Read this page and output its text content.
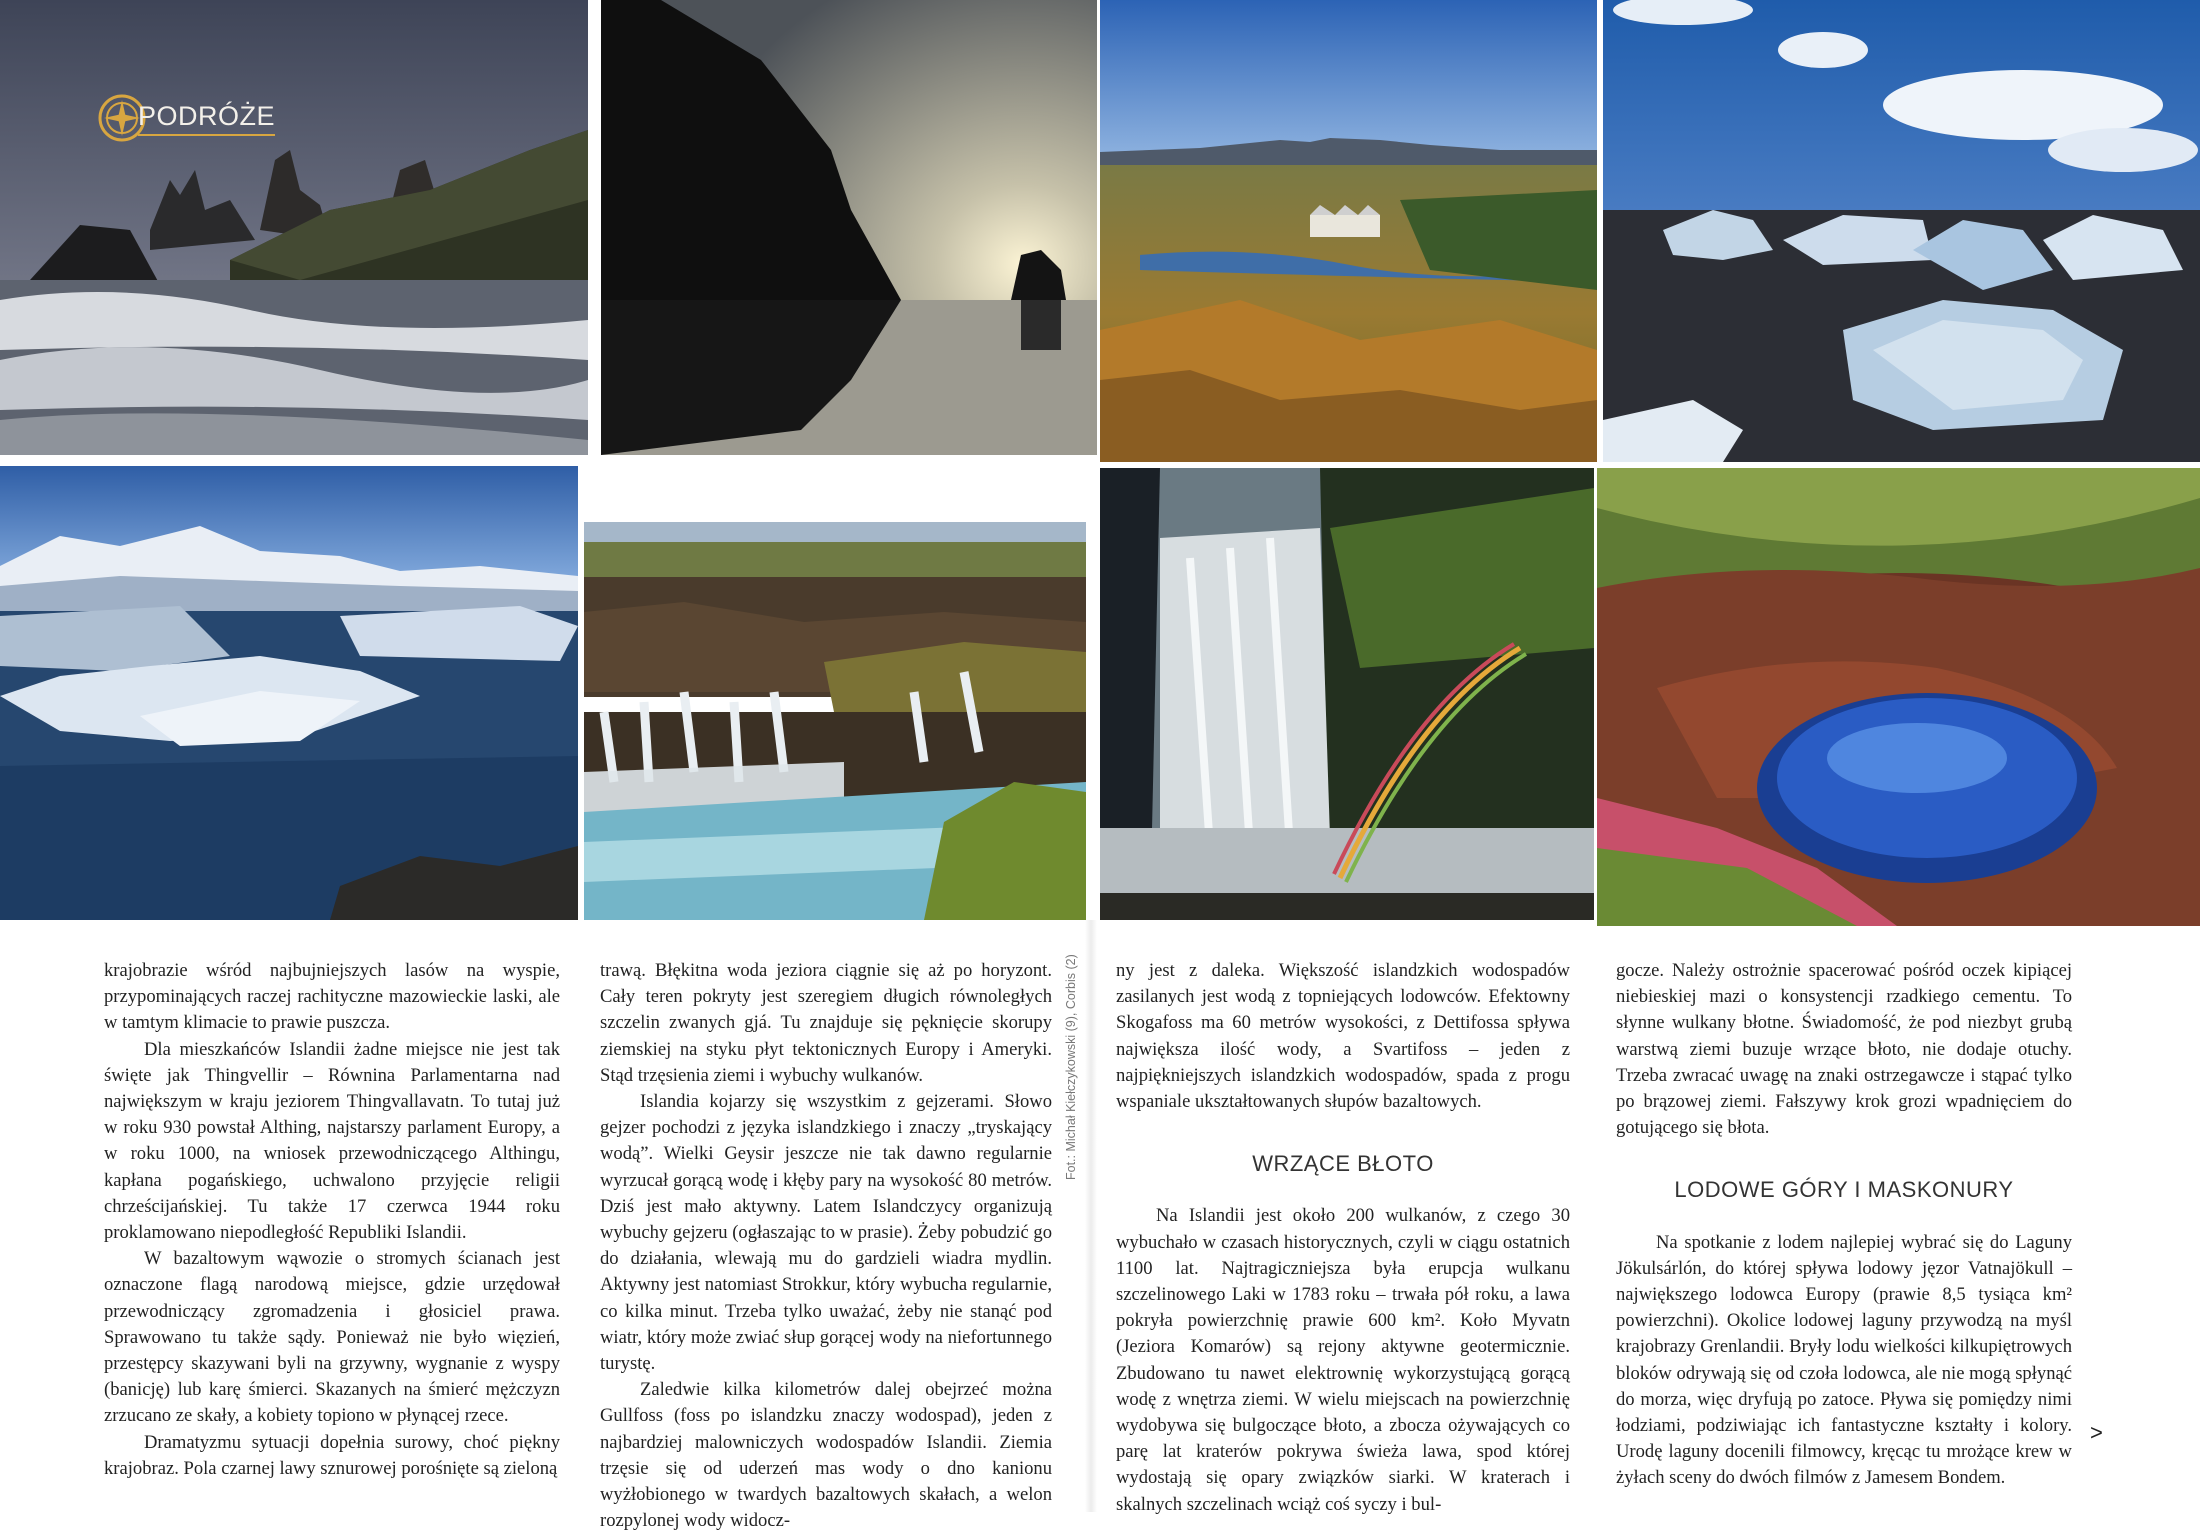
PODRÓŻE
Fot.: Michał Kiełczykowski (9), Corbis (2)

krajobrazie wśród najbujniejszych lasów na wyspie, przypominających raczej rachityczne mazowieckie laski, ale w tamtym klimacie to prawie puszcza.

Dla mieszkańców Islandii żadne miejsce nie jest tak święte jak Thingvellir – Równina Parlamentarna nad największym w kraju jeziorem Thingvallavatn. To tutaj już w roku 930 powstał Althing, najstarszy parlament Europy, a w roku 1000, na wniosek przewodniczącego Althingu, kapłana pogańskiego, uchwalono przyjęcie religii chrześcijańskiej. Tu także 17 czerwca 1944 roku proklamowano niepodległość Republiki Islandii.

W bazaltowym wąwozie o stromych ścianach jest oznaczone flagą narodową miejsce, gdzie urzędował przewodniczący zgromadzenia i głosiciel prawa. Sprawowano tu także sądy. Ponieważ nie było więzień, przestępcy skazywani byli na grzywny, wygnanie z wyspy (banicję) lub karę śmierci. Skazanych na śmierć mężczyzn zrzucano ze skały, a kobiety topiono w płynącej rzece.

Dramatyzmu sytuacji dopełnia surowy, choć piękny krajobraz. Pola czarnej lawy sznurowej porośnięte są zieloną

trawą. Błękitna woda jeziora ciągnie się aż po horyzont. Cały teren pokryty jest szeregiem długich równoległych szczelin zwanych gjá. Tu znajduje się pęknięcie skorupy ziemskiej na styku płyt tektonicznych Europy i Ameryki. Stąd trzęsienia ziemi i wybuchy wulkanów.

Islandia kojarzy się wszystkim z gejzerami. Słowo gejzer pochodzi z języka islandzkiego i znaczy „tryskający wodą”. Wielki Geysir jeszcze nie tak dawno regularnie wyrzucał gorącą wodę i kłęby pary na wysokość 80 metrów. Dziś jest mało aktywny. Latem Islandczycy organizują wybuchy gejzeru (ogłaszając to w prasie). Żeby pobudzić go do działania, wlewają mu do gardzieli wiadra mydlin. Aktywny jest natomiast Strokkur, który wybucha regularnie, co kilka minut. Trzeba tylko uważać, żeby nie stanąć pod wiatr, który może zwiać słup gorącej wody na niefortunnego turystę.

Zaledwie kilka kilometrów dalej obejrzeć można Gullfoss (foss po islandzku znaczy wodospad), jeden z najbardziej malowniczych wodospadów Islandii. Ziemia trzęsie się od uderzeń mas wody o dno kanionu wyżłobionego w twardych bazaltowych skałach, a welon rozpylonej wody widocz-

ny jest z daleka. Większość islandzkich wodospadów zasilanych jest wodą z topniejących lodowców. Efektowny Skogafoss ma 60 metrów wysokości, z Dettifossa spływa największa ilość wody, a Svartifoss – jeden z najpiękniejszych islandzkich wodospadów, spada z progu wspaniale ukształtowanych słupów bazaltowych.

WRZĄCE BŁOTO

Na Islandii jest około 200 wulkanów, z czego 30 wybuchało w czasach historycznych, czyli w ciągu ostatnich 1100 lat. Najtragiczniejsza była erupcja wulkanu szczelinowego Laki w 1783 roku – trwała pół roku, a lawa pokryła powierzchnię prawie 600 km². Koło Myvatn (Jeziora Komarów) są rejony aktywne geotermicznie. Zbudowano tu nawet elektrownię wykorzystującą gorącą wodę z wnętrza ziemi. W wielu miejscach na powierzchnię wydobywa się bulgoczące błoto, a zbocza ożywających co parę lat kraterów pokrywa świeża lawa, spod której wydostają się opary związków siarki. W kraterach i skalnych szczelinach wciąż coś syczy i bul-

gocze. Należy ostrożnie spacerować pośród oczek kipiącej niebieskiej mazi o konsystencji rzadkiego cementu. To słynne wulkany błotne. Świadomość, że pod niezbyt grubą warstwą ziemi buzuje wrzące błoto, nie dodaje otuchy. Trzeba zwracać uwagę na znaki ostrzegawcze i stąpać tylko po brązowej ziemi. Fałszywy krok grozi wpadnięciem do gotującego się błota.

LODOWE GÓRY I MASKONURY

Na spotkanie z lodem najlepiej wybrać się do Laguny Jökulsárlón, do której spływa lodowy jęzor Vatnajökull – największego lodowca Europy (prawie 8,5 tysiąca km² powierzchni). Okolice lodowej laguny przywodzą na myśl krajobrazy Grenlandii. Bryły lodu wielkości kilkupiętrowych bloków odrywają się od czoła lodowca, ale nie mogą spłynąć do morza, więc dryfują po zatoce. Pływa się pomiędzy nimi łodziami, podziwiając ich fantastyczne kształty i kolory. Urodę laguny docenili filmowcy, kręcąc tu mrożące krew w żyłach sceny do dwóch filmów z Jamesem Bondem.

>
